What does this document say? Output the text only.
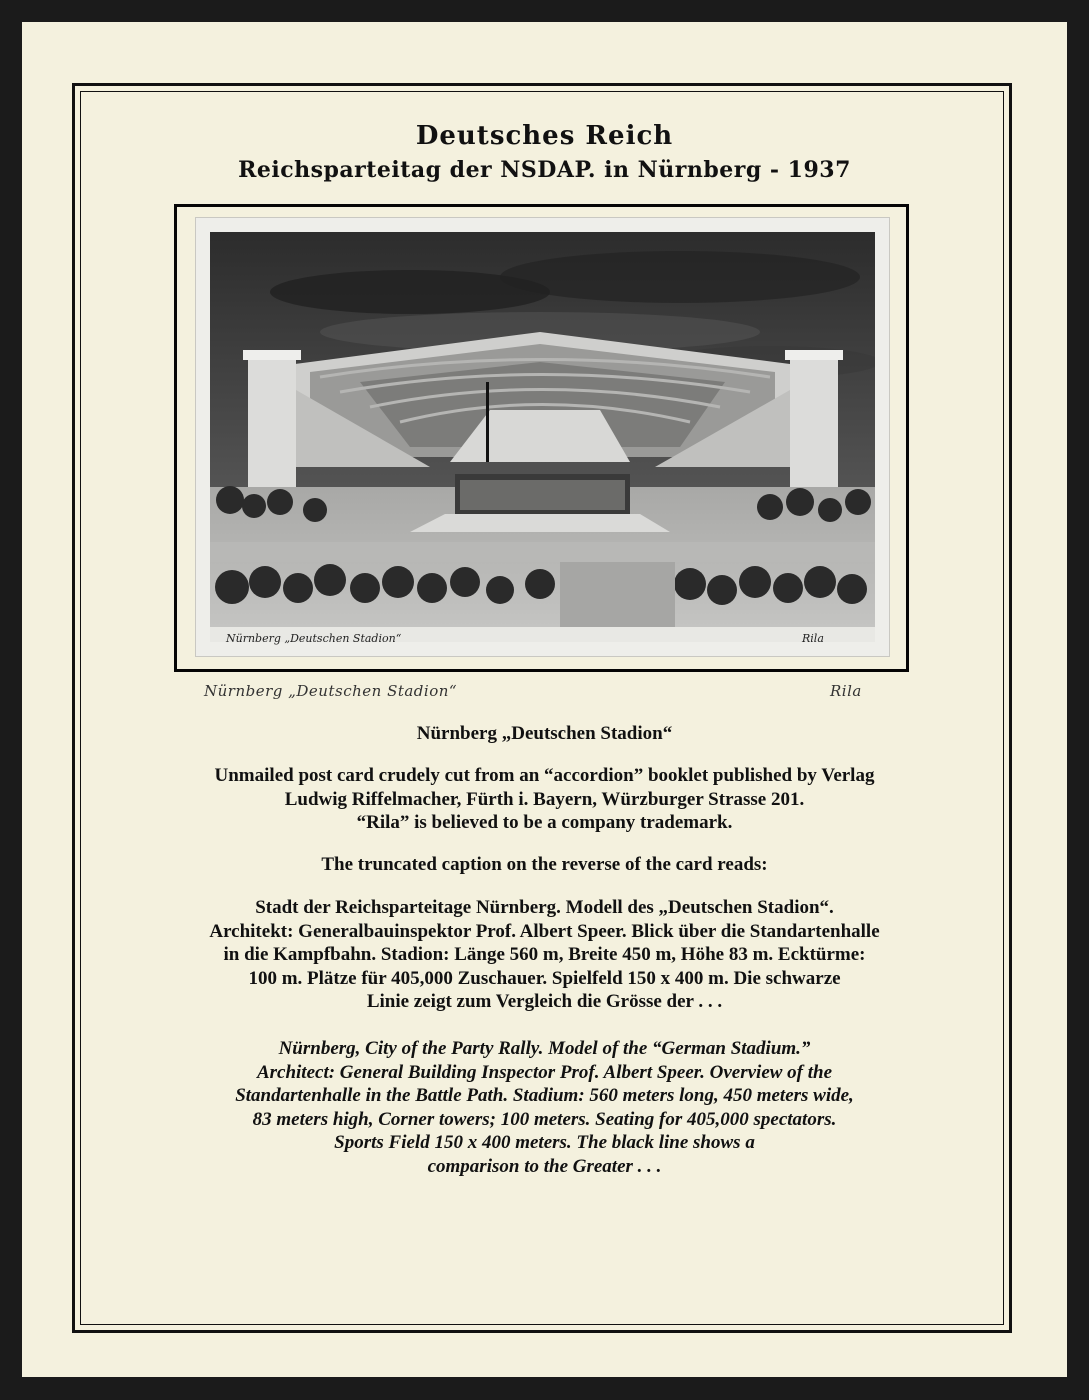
Deutsches Reich
Reichsparteitag der NSDAP. in Nürnberg - 1937
Nürnberg „Deutschen Stadion“	Rila
Nürnberg „Deutschen Stadion“	Rila
Nürnberg „Deutschen Stadion“
Unmailed post card crudely cut from an “accordion” booklet published by Verlag
Ludwig Riffelmacher, Fürth i. Bayern, Würzburger Strasse 201.
“Rila” is believed to be a company trademark.
The truncated caption on the reverse of the card reads:
Stadt der Reichsparteitage Nürnberg. Modell des „Deutschen Stadion“.
Architekt: Generalbauinspektor Prof. Albert Speer. Blick über die Standartenhalle
in die Kampfbahn. Stadion: Länge 560 m, Breite 450 m, Höhe 83 m. Ecktürme:
100 m. Plätze für 405,000 Zuschauer. Spielfeld 150 x 400 m. Die schwarze
Linie zeigt zum Vergleich die Grösse der . . .
Nürnberg, City of the Party Rally. Model of the “German Stadium.”
Architect: General Building Inspector Prof. Albert Speer. Overview of the
Standartenhalle in the Battle Path. Stadium: 560 meters long, 450 meters wide,
83 meters high, Corner towers; 100 meters. Seating for 405,000 spectators.
Sports Field 150 x 400 meters. The black line shows a
comparison to the Greater . . .
